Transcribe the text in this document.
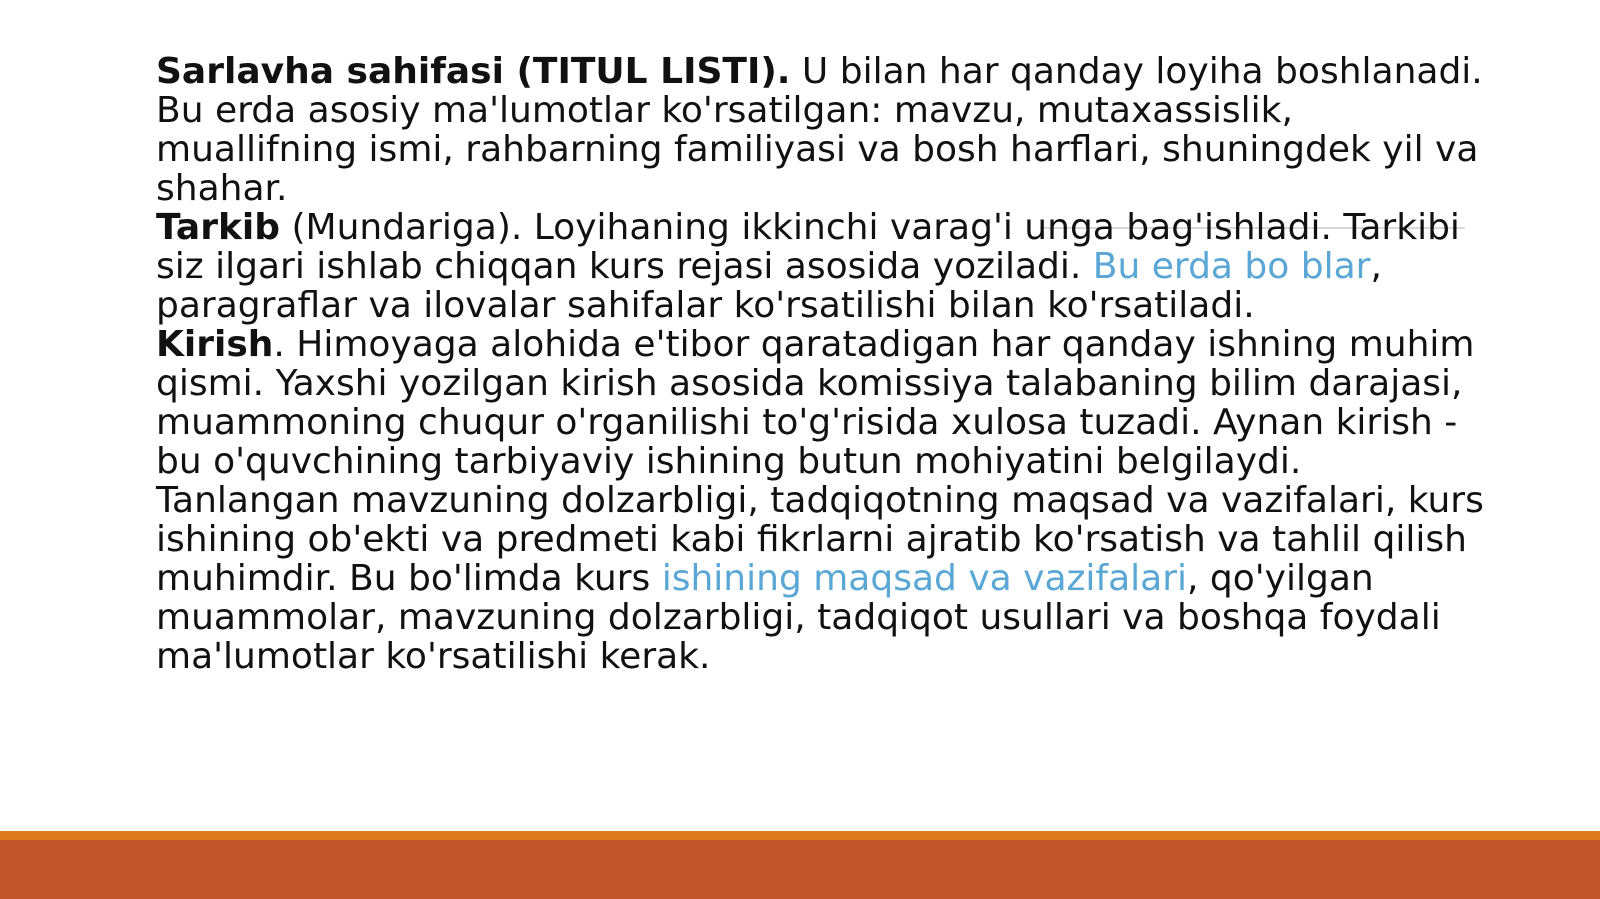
Sarlavha sahifasi (TITUL LISTI). U bilan har qanday loyiha boshlanadi. Bu erda asosiy ma'lumotlar ko'rsatilgan: mavzu, mutaxassislik, muallifning ismi, rahbarning familiyasi va bosh harflari, shuningdek yil va shahar.

Tarkib (Mundariga). Loyihaning ikkinchi varag'i unga bag'ishladi. Tarkibi siz ilgari ishlab chiqqan kurs rejasi asosida yoziladi. Bu erda bo blar, paragraflar va ilovalar sahifalar ko'rsatilishi bilan ko'rsatiladi.

Kirish. Himoyaga alohida e'tibor qaratadigan har qanday ishning muhim qismi. Yaxshi yozilgan kirish asosida komissiya talabaning bilim darajasi, muammoning chuqur o'rganilishi to'g'risida xulosa tuzadi. Aynan kirish - bu o'quvchining tarbiyaviy ishining butun mohiyatini belgilaydi. Tanlangan mavzuning dolzarbligi, tadqiqotning maqsad va vazifalari, kurs ishining ob'ekti va predmeti kabi fikrlarni ajratib ko'rsatish va tahlil qilish muhimdir. Bu bo'limda kurs ishining maqsad va vazifalari, qo'yilgan muammolar, mavzuning dolzarbligi, tadqiqot usullari va boshqa foydali ma'lumotlar ko'rsatilishi kerak.
